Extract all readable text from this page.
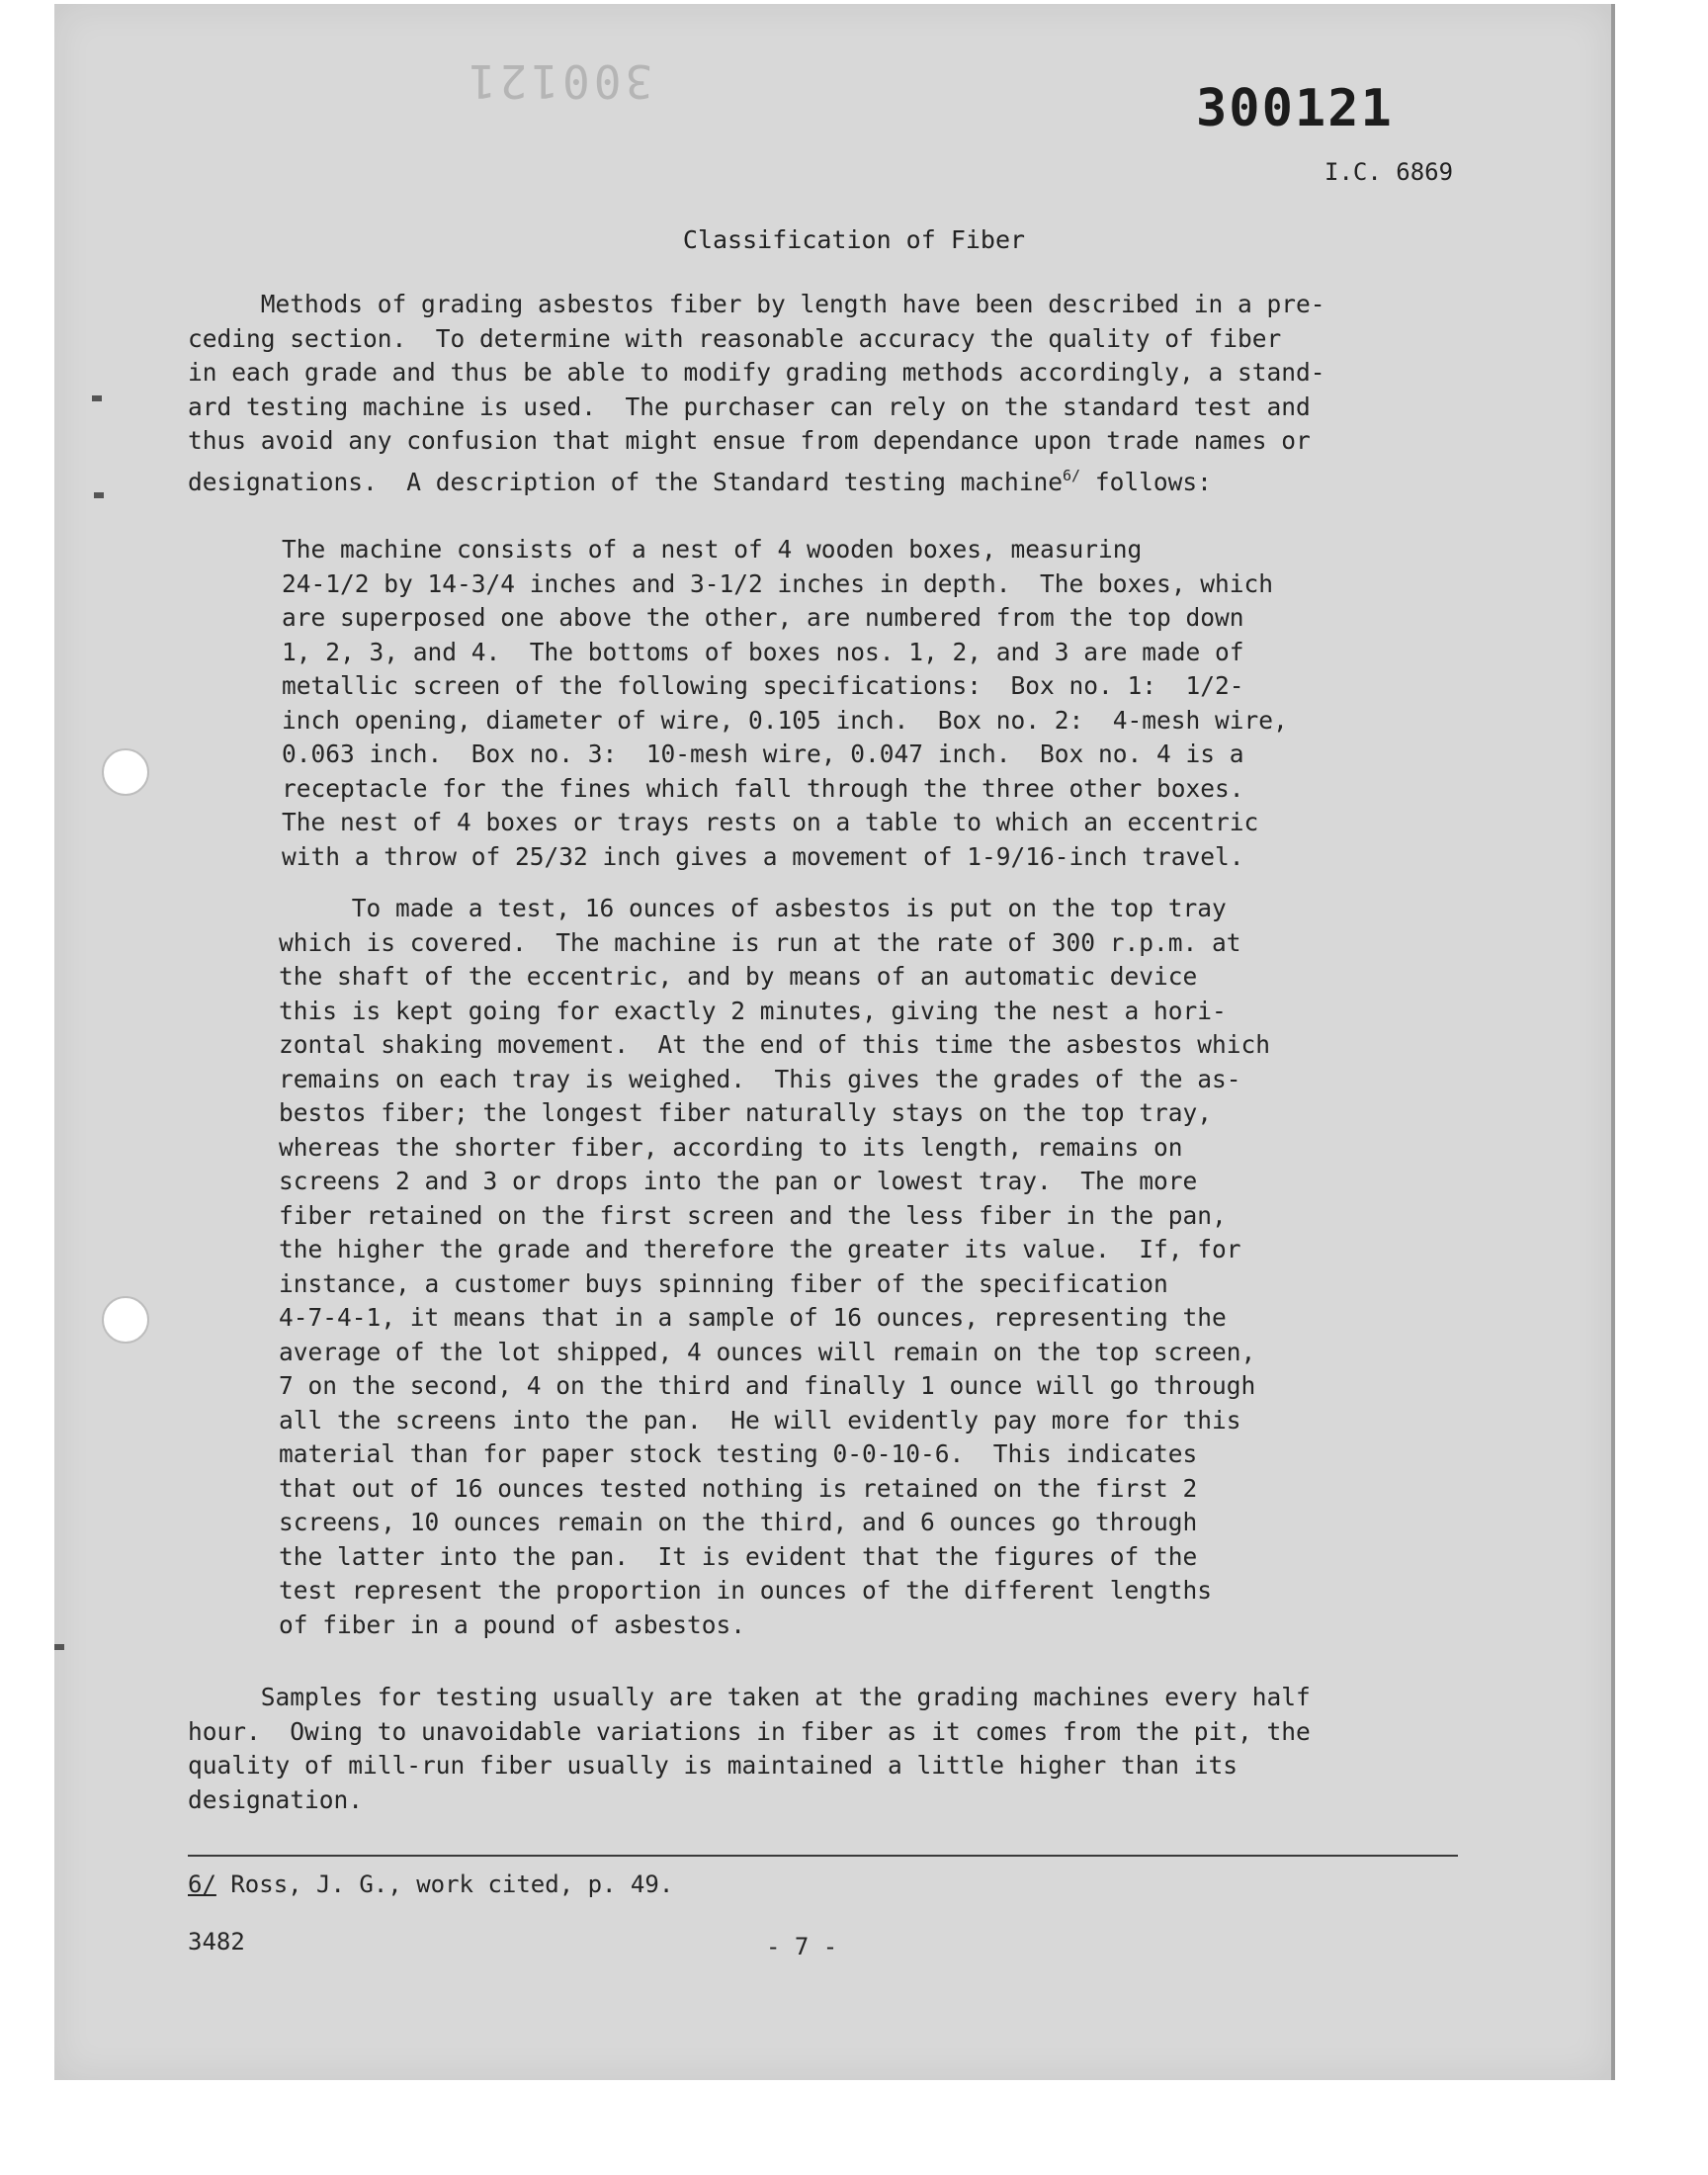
300121	300121
I.C. 6869
Classification of Fiber
Methods of grading asbestos fiber by length have been described in a pre-
ceding section.  To determine with reasonable accuracy the quality of fiber
in each grade and thus be able to modify grading methods accordingly, a stand-
ard testing machine is used.  The purchaser can rely on the standard test and
thus avoid any confusion that might ensue from dependance upon trade names or
designations.  A description of the Standard testing machine$^{6/}$ follows:
The machine consists of a nest of 4 wooden boxes, measuring
24-1/2 by 14-3/4 inches and 3-1/2 inches in depth.  The boxes, which
are superposed one above the other, are numbered from the top down
1, 2, 3, and 4.  The bottoms of boxes nos. 1, 2, and 3 are made of
metallic screen of the following specifications:  Box no. 1:  1/2-
inch opening, diameter of wire, 0.105 inch.  Box no. 2:  4-mesh wire,
0.063 inch.  Box no. 3:  10-mesh wire, 0.047 inch.  Box no. 4 is a
receptacle for the fines which fall through the three other boxes.
The nest of 4 boxes or trays rests on a table to which an eccentric
with a throw of 25/32 inch gives a movement of 1-9/16-inch travel.
To made a test, 16 ounces of asbestos is put on the top tray
which is covered.  The machine is run at the rate of 300 r.p.m. at
the shaft of the eccentric, and by means of an automatic device
this is kept going for exactly 2 minutes, giving the nest a hori-
zontal shaking movement.  At the end of this time the asbestos which
remains on each tray is weighed.  This gives the grades of the as-
bestos fiber; the longest fiber naturally stays on the top tray,
whereas the shorter fiber, according to its length, remains on
screens 2 and 3 or drops into the pan or lowest tray.  The more
fiber retained on the first screen and the less fiber in the pan,
the higher the grade and therefore the greater its value.  If, for
instance, a customer buys spinning fiber of the specification
4-7-4-1, it means that in a sample of 16 ounces, representing the
average of the lot shipped, 4 ounces will remain on the top screen,
7 on the second, 4 on the third and finally 1 ounce will go through
all the screens into the pan.  He will evidently pay more for this
material than for paper stock testing 0-0-10-6.  This indicates
that out of 16 ounces tested nothing is retained on the first 2
screens, 10 ounces remain on the third, and 6 ounces go through
the latter into the pan.  It is evident that the figures of the
test represent the proportion in ounces of the different lengths
of fiber in a pound of asbestos.
Samples for testing usually are taken at the grading machines every half
hour.  Owing to unavoidable variations in fiber as it comes from the pit, the
quality of mill-run fiber usually is maintained a little higher than its
designation.
6/ Ross, J. G., work cited, p. 49.
3482	- 7 -
